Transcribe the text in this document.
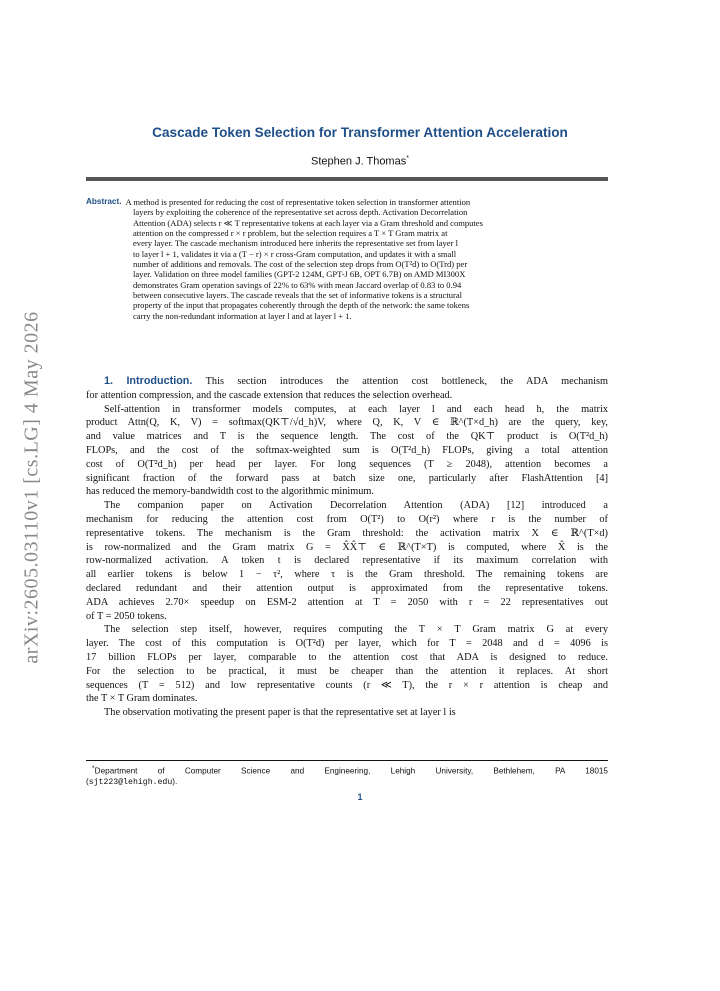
arXiv:2605.03110v1 [cs.LG] 4 May 2026
Cascade Token Selection for Transformer Attention Acceleration
Stephen J. Thomas*
Abstract. A method is presented for reducing the cost of representative token selection in transformer attention
layers by exploiting the coherence of the representative set across depth. Activation Decorrelation
Attention (ADA) selects r ≪ T representative tokens at each layer via a Gram threshold and computes
attention on the compressed r × r problem, but the selection requires a T × T Gram matrix at
every layer. The cascade mechanism introduced here inherits the representative set from layer l
to layer l + 1, validates it via a (T − r) × r cross-Gram computation, and updates it with a small
number of additions and removals. The cost of the selection step drops from O(T²d) to O(Trd) per
layer. Validation on three model families (GPT-2 124M, GPT-J 6B, OPT 6.7B) on AMD MI300X
demonstrates Gram operation savings of 22% to 63% with mean Jaccard overlap of 0.83 to 0.94
between consecutive layers. The cascade reveals that the set of informative tokens is a structural
property of the input that propagates coherently through the depth of the network: the same tokens
carry the non-redundant information at layer l and at layer l + 1.
1. Introduction. This section introduces the attention cost bottleneck, the ADA mechanism
for attention compression, and the cascade extension that reduces the selection overhead.
Self-attention in transformer models computes, at each layer l and each head h, the matrix
product Attn(Q, K, V) = softmax(QK⊤/√d_h)V, where Q, K, V ∈ ℝ^(T×d_h) are the query, key,
and value matrices and T is the sequence length. The cost of the QK⊤ product is O(T²d_h)
FLOPs, and the cost of the softmax-weighted sum is O(T²d_h) FLOPs, giving a total attention
cost of O(T²d_h) per head per layer. For long sequences (T ≥ 2048), attention becomes a
significant fraction of the forward pass at batch size one, particularly after FlashAttention [4]
has reduced the memory-bandwidth cost to the algorithmic minimum.
The companion paper on Activation Decorrelation Attention (ADA) [12] introduced a
mechanism for reducing the attention cost from O(T²) to O(r²) where r is the number of
representative tokens. The mechanism is the Gram threshold: the activation matrix X ∈ ℝ^(T×d)
is row-normalized and the Gram matrix G = X̂X̂⊤ ∈ ℝ^(T×T) is computed, where X̂ is the
row-normalized activation. A token t is declared representative if its maximum correlation with
all earlier tokens is below 1 − τ², where τ is the Gram threshold. The remaining tokens are
declared redundant and their attention output is approximated from the representative tokens.
ADA achieves 2.70× speedup on ESM-2 attention at T = 2050 with r = 22 representatives out
of T = 2050 tokens.
The selection step itself, however, requires computing the T × T Gram matrix G at every
layer. The cost of this computation is O(T²d) per layer, which for T = 2048 and d = 4096 is
17 billion FLOPs per layer, comparable to the attention cost that ADA is designed to reduce.
For the selection to be practical, it must be cheaper than the attention it replaces. At short
sequences (T = 512) and low representative counts (r ≪ T), the r × r attention is cheap and
the T × T Gram dominates.
The observation motivating the present paper is that the representative set at layer l is
*Department of Computer Science and Engineering, Lehigh University, Bethlehem, PA 18015
(sjt223@lehigh.edu).
1
